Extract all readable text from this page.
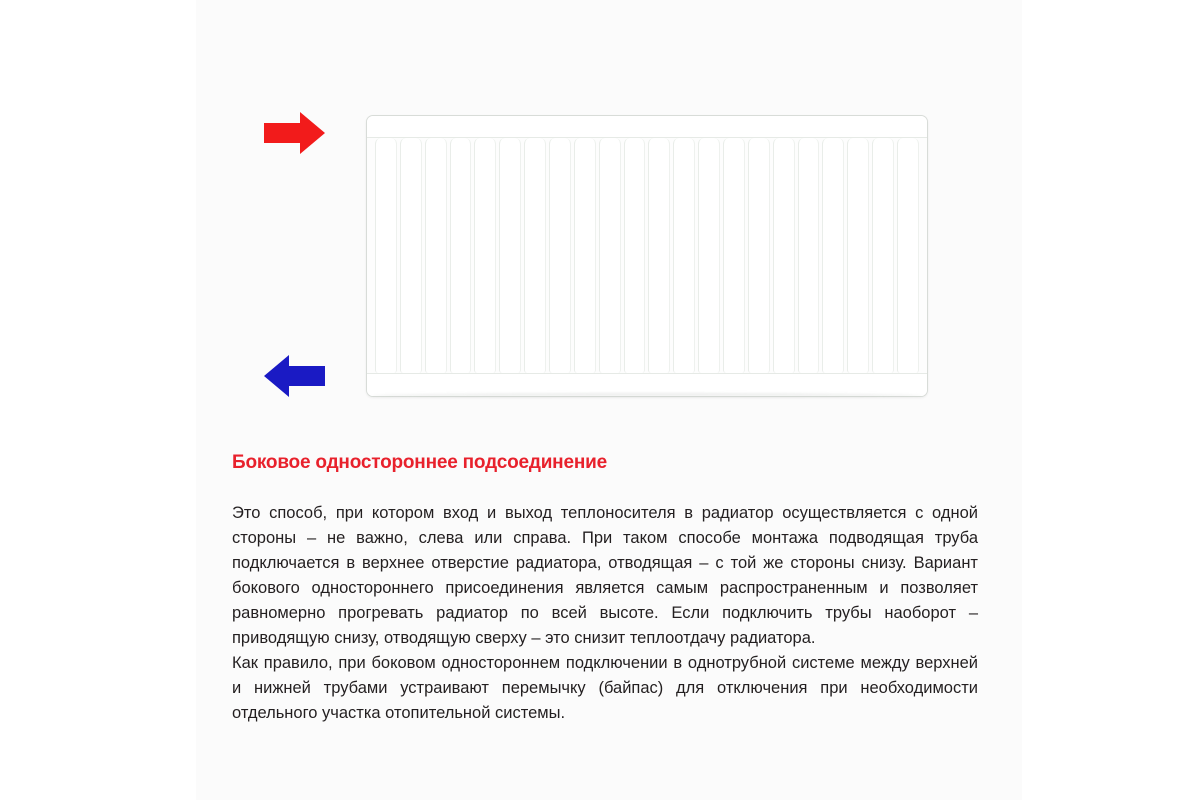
Боковое одностороннее подсоединение

Это способ, при котором вход и выход теплоносителя в радиатор осуществляется с одной стороны – не важно, слева или справа. При таком способе монтажа подводящая труба подключается в верхнее отверстие радиатора, отводящая – с той же стороны снизу. Вариант бокового одностороннего присоединения является самым распространенным и позволяет равномерно прогревать радиатор по всей высоте. Если подключить трубы наоборот – приводящую снизу, отводящую сверху – это снизит теплоотдачу радиатора.

Как правило, при боковом одностороннем подключении в однотрубной системе между верхней и нижней трубами устраивают перемычку (байпас) для отключения при необходимости отдельного участка отопительной системы.
